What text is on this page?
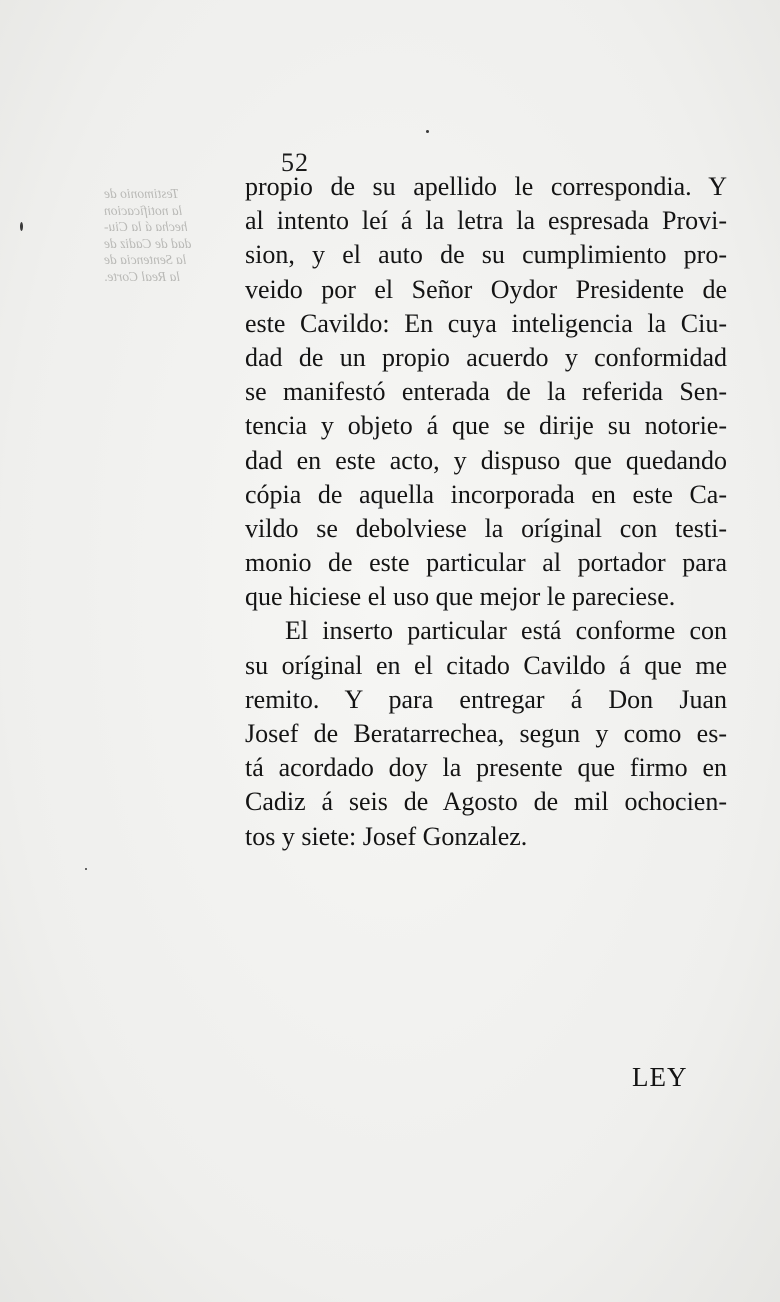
52
Testimonio de
la notificacion
hecha á la Ciu-
dad de Cadiz de
la Sentencia de
la Real Corte.
propio de su apellido le correspondia. Y
al intento leí á la letra la espresada Provi-
sion, y el auto de su cumplimiento pro-
veido por el Señor Oydor Presidente de
este Cavildo: En cuya inteligencia la Ciu-
dad de un propio acuerdo y conformidad
se manifestó enterada de la referida Sen-
tencia y objeto á que se dirije su notorie-
dad en este acto, y dispuso que quedando
cópia de aquella incorporada en este Ca-
vildo se debolviese la oríginal con testi-
monio de este particular al portador para
que hiciese el uso que mejor le pareciese.
El inserto particular está conforme con
su oríginal en el citado Cavildo á que me
remito. Y para entregar á Don Juan
Josef de Beratarrechea, segun y como es-
tá acordado doy la presente que firmo en
Cadiz á seis de Agosto de mil ochocien-
tos y siete: Josef Gonzalez.
LEY
